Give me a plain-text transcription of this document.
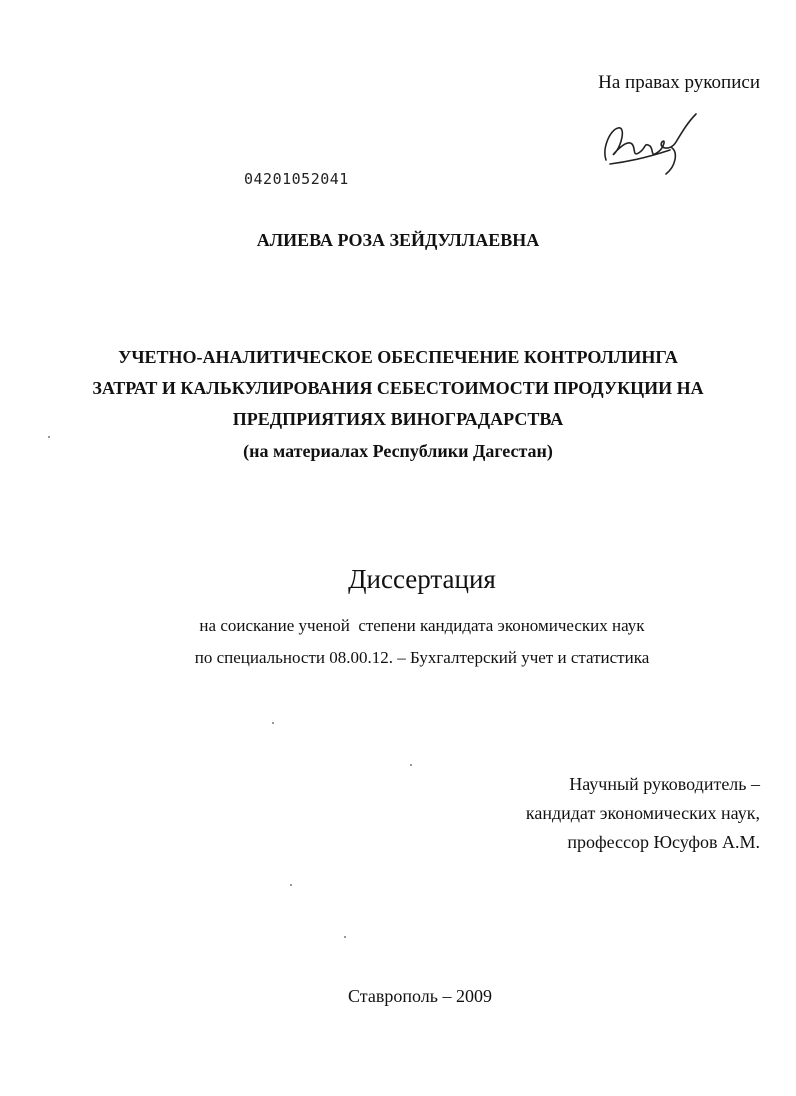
На правах рукописи
04201052041
АЛИЕВА РОЗА ЗЕЙДУЛЛАЕВНА
УЧЕТНО-АНАЛИТИЧЕСКОЕ ОБЕСПЕЧЕНИЕ КОНТРОЛЛИНГА
ЗАТРАТ И КАЛЬКУЛИРОВАНИЯ СЕБЕСТОИМОСТИ ПРОДУКЦИИ НА
ПРЕДПРИЯТИЯХ ВИНОГРАДАРСТВА
(на материалах Республики Дагестан)
Диссертация
на соискание ученой  степени кандидата экономических наук
по специальности 08.00.12. – Бухгалтерский учет и статистика
Научный руководитель –
кандидат экономических наук,
профессор Юсуфов А.М.
Ставрополь – 2009
